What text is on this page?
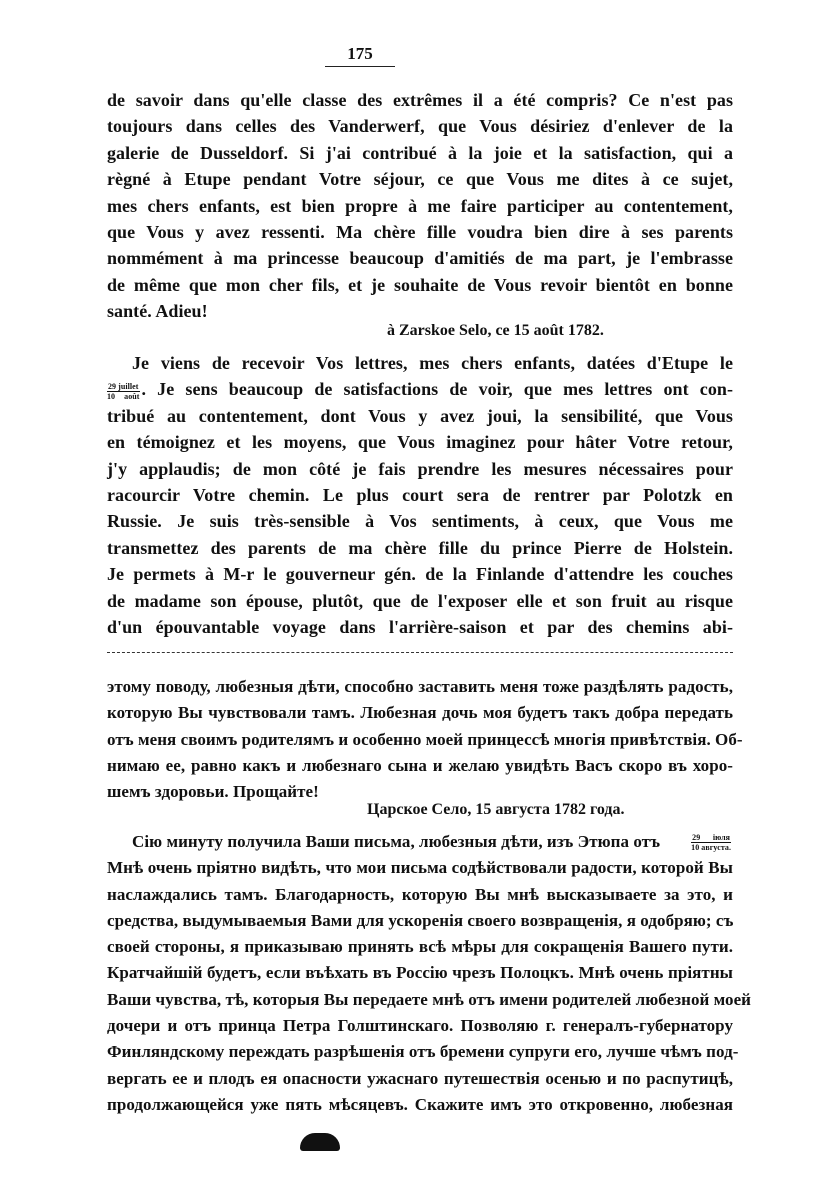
175
de savoir dans qu'elle classe des extrêmes il a été compris? Ce n'est pas
toujours dans celles des Vanderwerf, que Vous désiriez d'enlever de la
galerie de Dusseldorf. Si j'ai contribué à la joie et la satisfaction, qui a
règné à Etupe pendant Votre séjour, ce que Vous me dites à ce sujet,
mes chers enfants, est bien propre à me faire participer au contentement,
que Vous y avez ressenti. Ma chère fille voudra bien dire à ses parents
nommément à ma princesse beaucoup d'amitiés de ma part, je l'embrasse
de même que mon cher fils, et je souhaite de Vous revoir bientôt en bonne
santé. Adieu!
à Zarskoe Selo, ce 15 août 1782.
Je viens de recevoir Vos lettres, mes chers enfants, datées d'Etupe le
$\frac{\text{29 juillet}}{\text{10 août}}$ . Je sens beaucoup de satisfactions de voir, que mes lettres ont con-
tribué au contentement, dont Vous y avez joui, la sensibilité, que Vous
en témoignez et les moyens, que Vous imaginez pour hâter Votre retour,
j'y applaudis; de mon côté je fais prendre les mesures nécessaires pour
racourcir Votre chemin. Le plus court sera de rentrer par Polotzk en
Russie. Je suis très-sensible à Vos sentiments, à ceux, que Vous me
transmettez des parents de ma chère fille du prince Pierre de Holstein.
Je permets à M-r le gouverneur gén. de la Finlande d'attendre les couches
de madame son épouse, plutôt, que de l'exposer elle et son fruit au risque
d'un épouvantable voyage dans l'arrière-saison et par des chemins abi-
этому поводу, любезныя дѣти, способно заставить меня тоже раздѣлять радость,
которую Вы чувствовали тамъ. Любезная дочь моя будетъ такъ добра передать
отъ меня своимъ родителямъ и особенно моей принцессѣ многія привѣтствія. Об-
нимаю ее, равно какъ и любезнаго сына и желаю увидѣть Васъ скоро въ хоро-
шемъ здоровьи. Прощайте!
Царское Село, 15 августа 1782 года.
Сію минуту получила Ваши письма, любезныя дѣти, изъ Этюпа отъ	$\frac{\text{29 іюля}}{\text{10 августа.}}$
Мнѣ очень пріятно видѣть, что мои письма содѣйствовали радости, которой Вы
наслаждались тамъ. Благодарность, которую Вы мнѣ высказываете за это, и
средства, выдумываемыя Вами для ускоренія своего возвращенія, я одобряю; съ
своей стороны, я приказываю принять всѣ мѣры для сокращенія Вашего пути.
Кратчайшій будетъ, если въѣхать въ Россію чрезъ Полоцкъ. Мнѣ очень пріятны
Ваши чувства, тѣ, которыя Вы передаете мнѣ отъ имени родителей любезной моей
дочери и отъ принца Петра Голштинскаго. Позволяю г. генералъ-губернатору
Финляндскому переждать разрѣшенія отъ бремени супруги его, лучше чѣмъ под-
вергать ее и плодъ ея опасности ужаснаго путешествія осенью и по распутицѣ,
продолжающейся уже пять мѣсяцевъ. Скажите имъ это откровенно, любезная
